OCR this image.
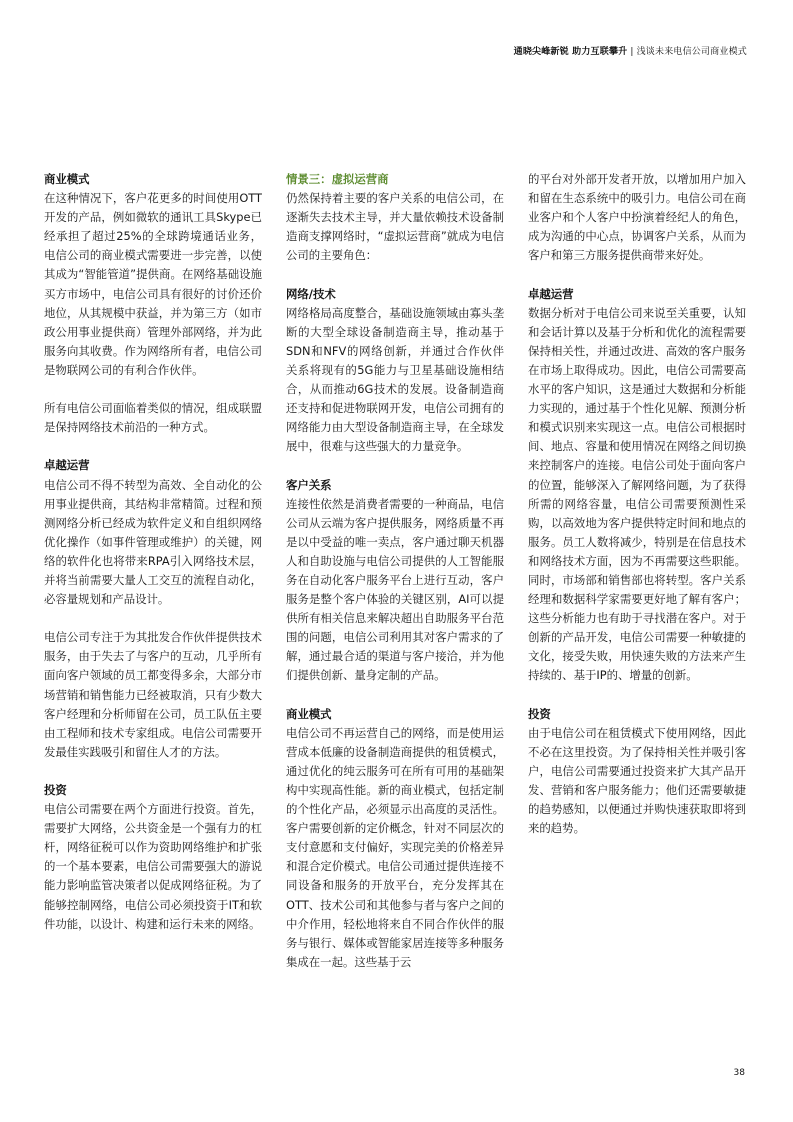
通晓尖峰新锐 助力互联攀升 | 浅谈未来电信公司商业模式

商业模式

在这种情况下，客户花更多的时间使用OTT开发的产品，例如微软的通讯工具Skype已经承担了超过25%的全球跨境通话业务，电信公司的商业模式需要进一步完善，以使其成为“智能管道”提供商。在网络基础设施买方市场中，电信公司具有很好的讨价还价地位，从其规模中获益，并为第三方（如市政公用事业提供商）管理外部网络，并为此服务向其收费。作为网络所有者，电信公司是物联网公司的有利合作伙伴。

所有电信公司面临着类似的情况，组成联盟是保持网络技术前沿的一种方式。

卓越运营

电信公司不得不转型为高效、全自动化的公用事业提供商，其结构非常精简。过程和预测网络分析已经成为软件定义和自组织网络优化操作（如事件管理或维护）的关键，网络的软件化也将带来RPA引入网络技术层，并将当前需要大量人工交互的流程自动化，必容量规划和产品设计。

电信公司专注于为其批发合作伙伴提供技术服务，由于失去了与客户的互动，几乎所有面向客户领域的员工都变得多余，大部分市场营销和销售能力已经被取消，只有少数大客户经理和分析师留在公司，员工队伍主要由工程师和技术专家组成。电信公司需要开发最佳实践吸引和留住人才的方法。

投资

电信公司需要在两个方面进行投资。首先，需要扩大网络，公共资金是一个强有力的杠杆，网络征税可以作为资助网络维护和扩张的一个基本要素，电信公司需要强大的游说能力影响监管决策者以促成网络征税。为了能够控制网络，电信公司必须投资于IT和软件功能，以设计、构建和运行未来的网络。

情景三：虚拟运营商

仍然保持着主要的客户关系的电信公司，在逐渐失去技术主导，并大量依赖技术设备制造商支撑网络时，“虚拟运营商”就成为电信公司的主要角色：

网络/技术

网络格局高度整合，基础设施领域由寡头垄断的大型全球设备制造商主导，推动基于SDN和NFV的网络创新，并通过合作伙伴关系将现有的5G能力与卫星基础设施相结合，从而推动6G技术的发展。设备制造商还支持和促进物联网开发，电信公司拥有的网络能力由大型设备制造商主导，在全球发展中，很难与这些强大的力量竞争。

客户关系

连接性依然是消费者需要的一种商品，电信公司从云端为客户提供服务，网络质量不再是以中受益的唯一卖点，客户通过聊天机器人和自助设施与电信公司提供的人工智能服务在自动化客户服务平台上进行互动，客户服务是整个客户体验的关键区别，AI可以提供所有相关信息来解决超出自助服务平台范围的问题，电信公司利用其对客户需求的了解，通过最合适的渠道与客户接洽，并为他们提供创新、量身定制的产品。

商业模式

电信公司不再运营自己的网络，而是使用运营成本低廉的设备制造商提供的租赁模式，通过优化的纯云服务可在所有可用的基础架构中实现高性能。新的商业模式，包括定制的个性化产品，必须显示出高度的灵活性。客户需要创新的定价概念，针对不同层次的支付意愿和支付偏好，实现完美的价格差异和混合定价模式。电信公司通过提供连接不同设备和服务的开放平台，充分发挥其在OTT、技术公司和其他参与者与客户之间的中介作用，轻松地将来自不同合作伙伴的服务与银行、媒体或智能家居连接等多种服务集成在一起。这些基于云

的平台对外部开发者开放，以增加用户加入和留在生态系统中的吸引力。电信公司在商业客户和个人客户中扮演着经纪人的角色，成为沟通的中心点，协调客户关系，从而为客户和第三方服务提供商带来好处。

卓越运营

数据分析对于电信公司来说至关重要，认知和会话计算以及基于分析和优化的流程需要保持相关性，并通过改进、高效的客户服务在市场上取得成功。因此，电信公司需要高水平的客户知识，这是通过大数据和分析能力实现的，通过基于个性化见解、预测分析和模式识别来实现这一点。电信公司根据时间、地点、容量和使用情况在网络之间切换来控制客户的连接。电信公司处于面向客户的位置，能够深入了解网络问题，为了获得所需的网络容量，电信公司需要预测性采购，以高效地为客户提供特定时间和地点的服务。员工人数将减少，特别是在信息技术和网络技术方面，因为不再需要这些职能。同时，市场部和销售部也将转型。客户关系经理和数据科学家需要更好地了解有客户；这些分析能力也有助于寻找潜在客户。对于创新的产品开发，电信公司需要一种敏捷的文化，接受失败，用快速失败的方法来产生持续的、基于IP的、增量的创新。

投资

由于电信公司在租赁模式下使用网络，因此不必在这里投资。为了保持相关性并吸引客户，电信公司需要通过投资来扩大其产品开发、营销和客户服务能力；他们还需要敏捷的趋势感知，以便通过并购快速获取即将到来的趋势。

38
